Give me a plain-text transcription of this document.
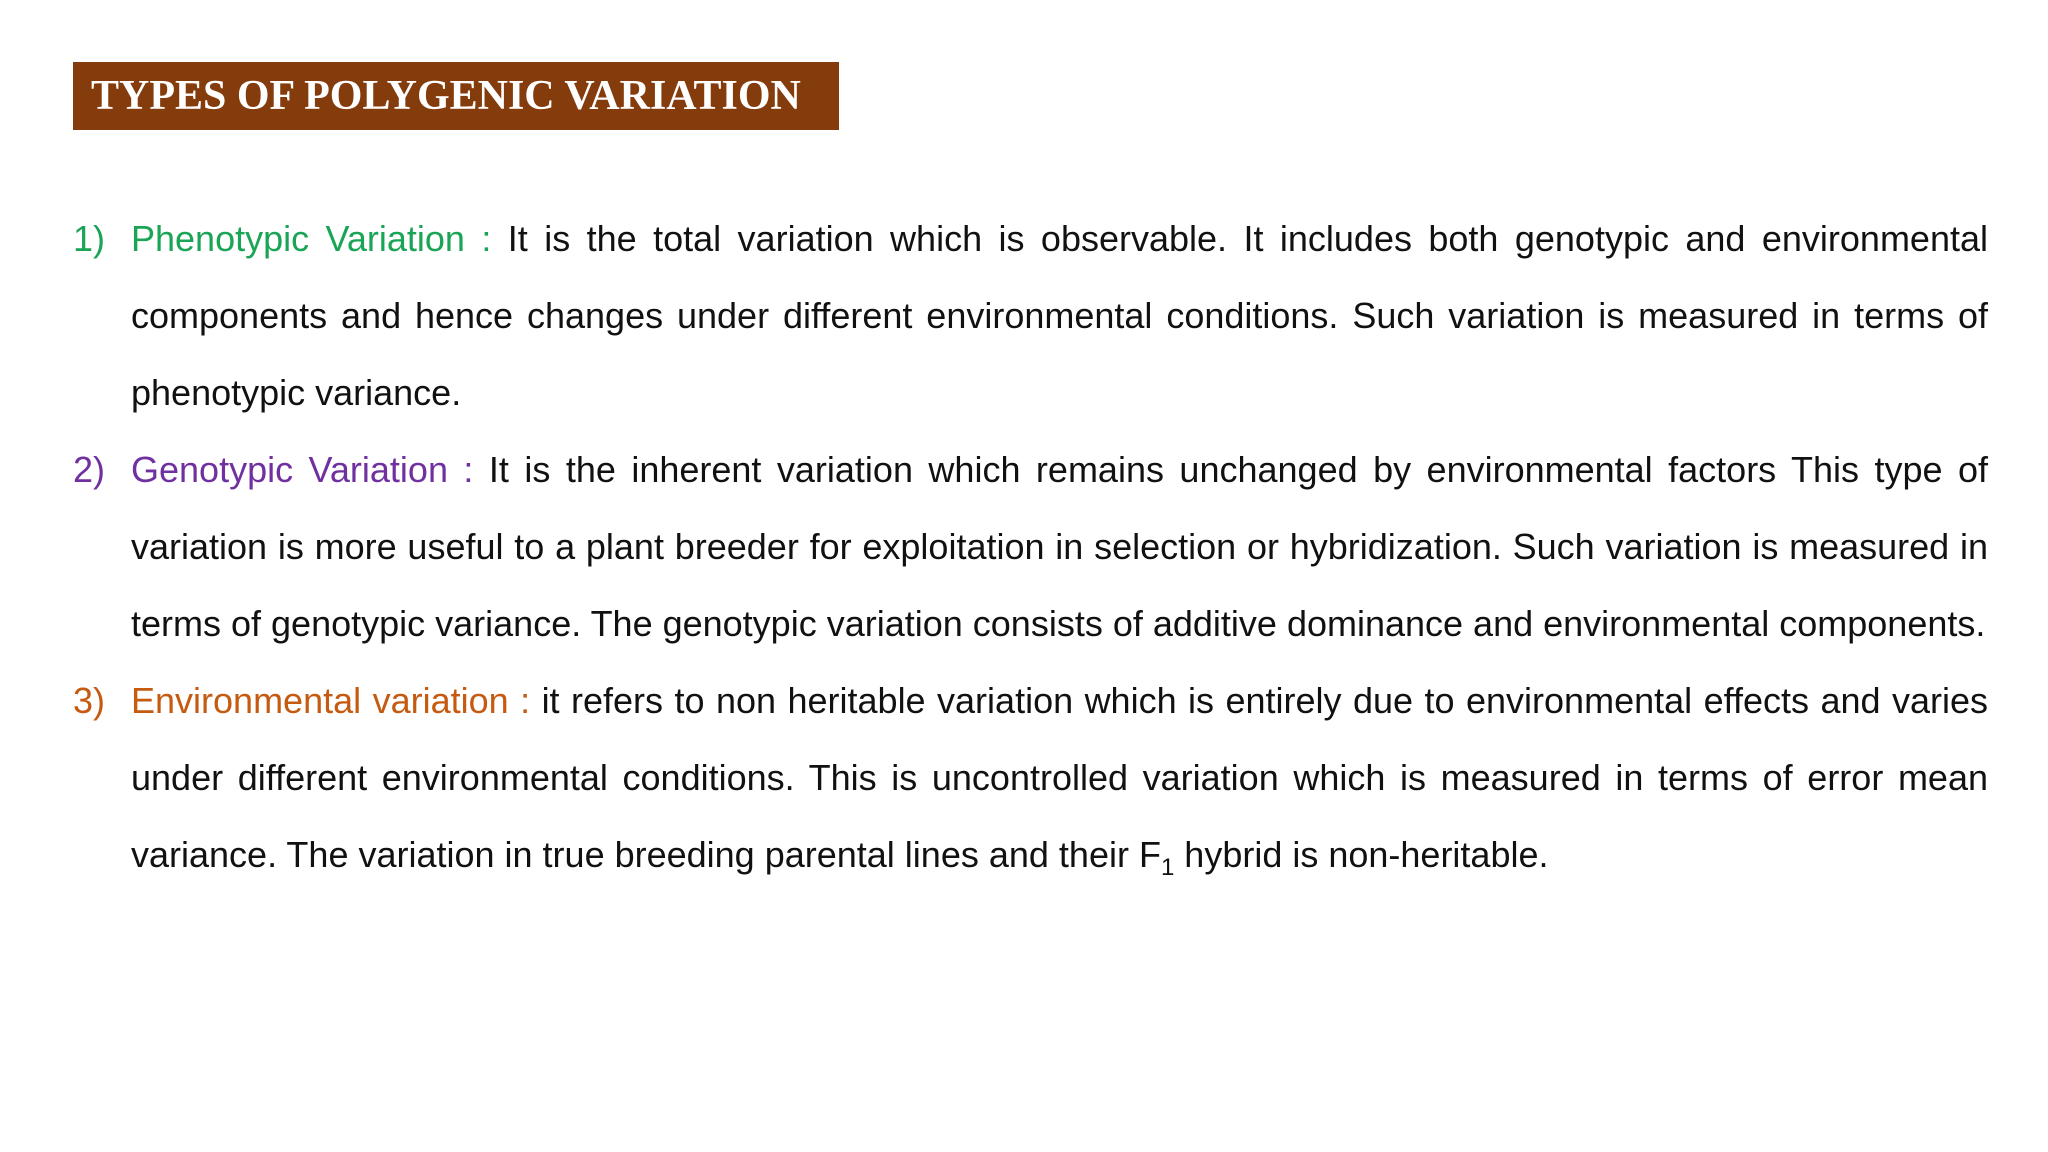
TYPES OF POLYGENIC VARIATION
1) Phenotypic Variation : It is the total variation which is observable. It includes both genotypic and environmental components and hence changes under different environmental conditions. Such variation is measured in terms of phenotypic variance.
2) Genotypic Variation : It is the inherent variation which remains unchanged by environmental factors This type of variation is more useful to a plant breeder for exploitation in selection or hybridization. Such variation is measured in terms of genotypic variance. The genotypic variation consists of additive dominance and environmental components.
3) Environmental variation : it refers to non heritable variation which is entirely due to environmental effects and varies under different environmental conditions. This is uncontrolled variation which is measured in terms of error mean variance. The variation in true breeding parental lines and their $F_1$ hybrid is non-heritable.
